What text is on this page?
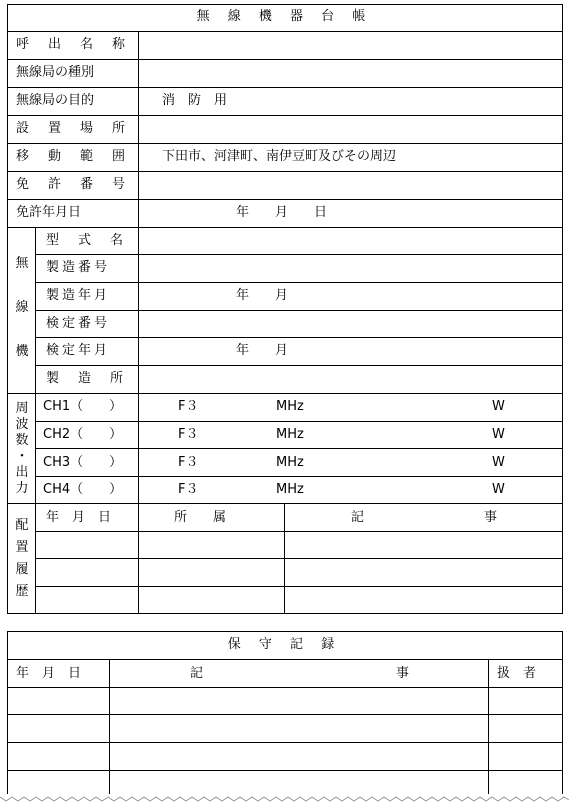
無 線 機 器 台 帳
呼　出　名　称
無線局の種別
無線局の目的	消　防　用
設　置　場　所
移　動　範　囲	下田市、河津町、南伊豆町及びその周辺
免　許　番　号
免許年月日	年　　月　　日
無
線
機
型　式　名
製造番号
製造年月	年　　月
検定番号
検定年月	年　　月
製　造　所
周
波
数
・
出
力
CH1（　　）	F３	MHz	W
CH2（　　）	F３	MHz	W
CH3（　　）	F３	MHz	W
CH4（　　）	F３	MHz	W
配
置
履
歴
年　月　日	所　　属	記	事
保 守 記 録
年　月　日	記	事	扱　者
